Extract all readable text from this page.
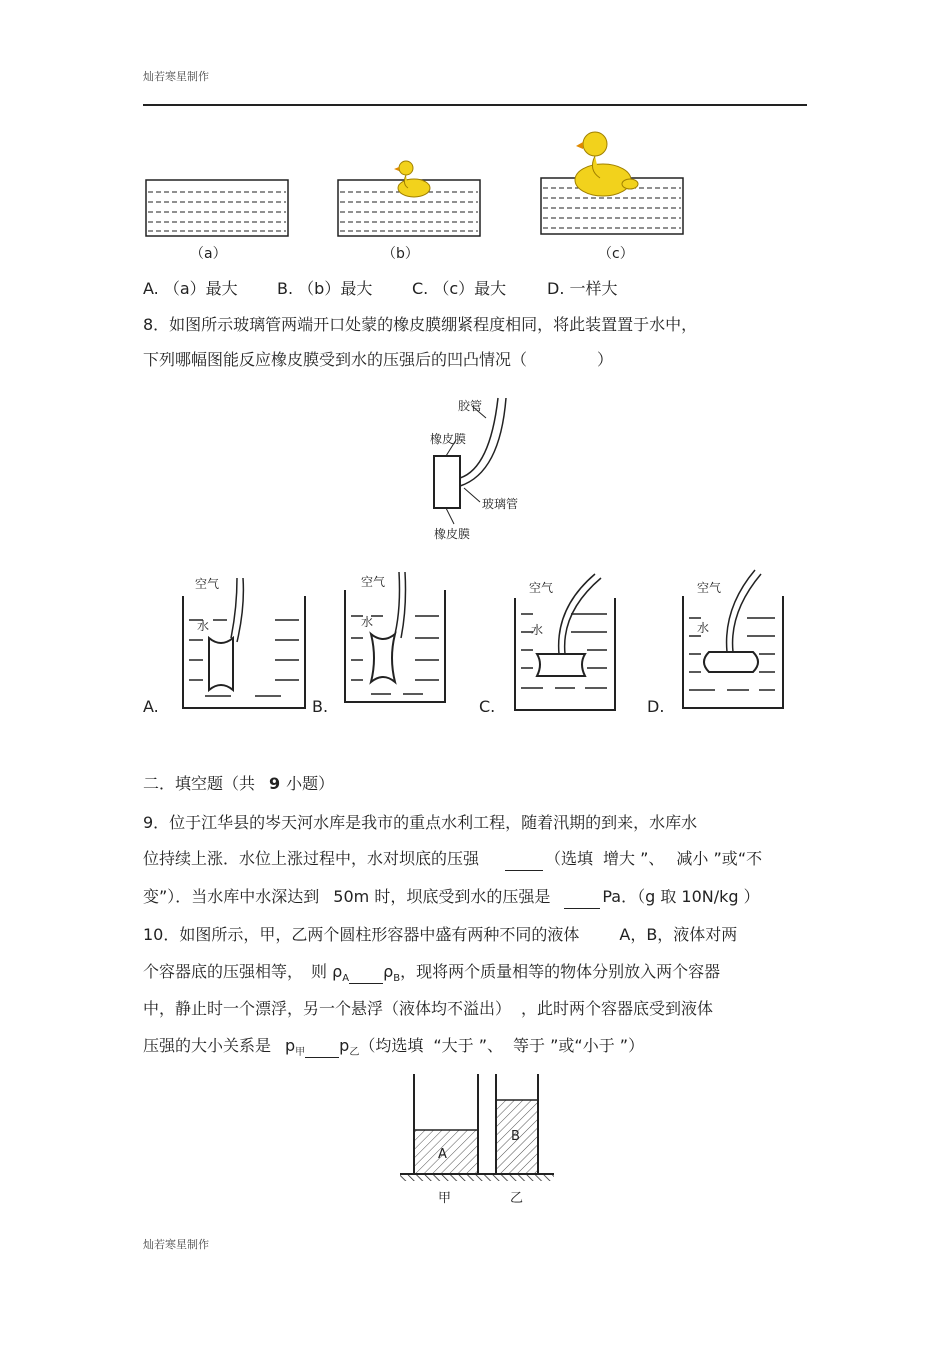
灿若寒星制作
（a）	（b）	（c）
A. （a）最大 B. （b）最大 C. （c）最大	D. 一样大
8．如图所示玻璃管两端开口处蒙的橡皮膜绷紧程度相同，将此装置置于水中，
下列哪幅图能反应橡皮膜受到水的压强后的凹凸情况（	）
胶管
橡皮膜
玻璃管
橡皮膜
空气
水
空气
水
空气
水
空气
水
A.	B.	C.	D.
二．填空题（共 9 小题）
9．位于江华县的岑天河水库是我市的重点水利工程，随着汛期的到来，水库水
位持续上涨．水位上涨过程中，水对坝底的压强	（选填 增大 ”、 减小 ”或“不
变”）．当水库中水深达到 50m 时，坝底受到水的压强是	Pa．（g 取 10N/kg ）
10．如图所示，甲，乙两个圆柱形容器中盛有两种不同的液体	A，B，液体对两
个容器底的压强相等， 则 $\rho_A$ $\rho_B$，现将两个质量相等的物体分别放入两个容器
中，静止时一个漂浮，另一个悬浮（液体均不溢出） ，此时两个容器底受到液体
压强的大小关系是 $p_甲$ $p_乙$（均选填 “大于 ”、 等于 ”或“小于 ”）
A
B
甲	乙
灿若寒星制作
